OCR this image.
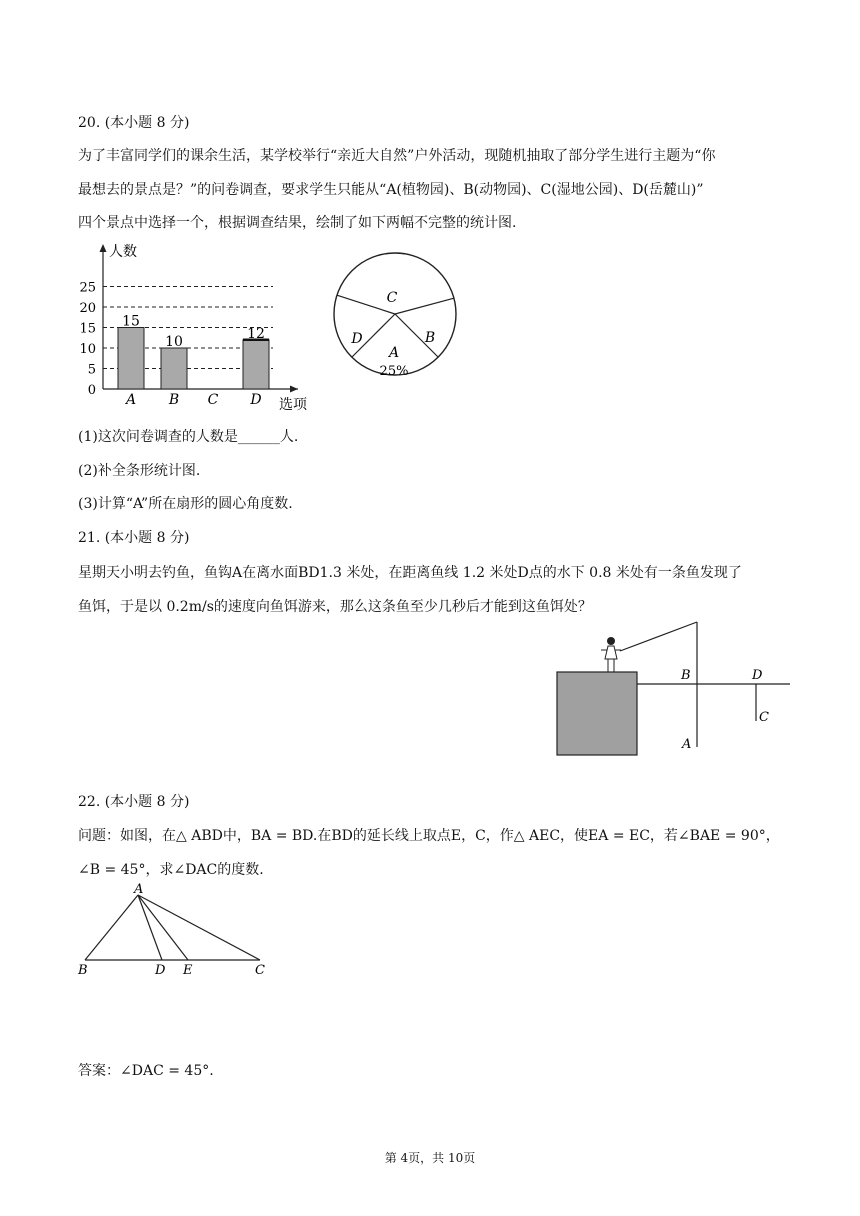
20. (本小题 8 分)
为了丰富同学们的课余生活，某学校举行“亲近大自然”户外活动，现随机抽取了部分学生进行主题为“你
最想去的景点是？”的问卷调查，要求学生只能从“A(植物园)、B(动物园)、C(湿地公园)、D(岳麓山)”
四个景点中选择一个，根据调查结果，绘制了如下两幅不完整的统计图.
0
5
10
15
20
25
人数
选项
15
A
10
B C
12
D
A
B
C
D
25%
(1)这次问卷调查的人数是______人.
(2)补全条形统计图.
(3)计算“A”所在扇形的圆心角度数.
21. (本小题 8 分)
星期天小明去钓鱼，鱼钩A在离水面BD1.3 米处，在距离鱼线 1.2 米处D点的水下 0.8 米处有一条鱼发现了
鱼饵，于是以 0.2m/s的速度向鱼饵游来，那么这条鱼至少几秒后才能到这鱼饵处？
B	D
C
A
22. (本小题 8 分)
问题：如图，在△ ABD中，BA = BD.在BD的延长线上取点E，C，作△ AEC，使EA = EC，若∠BAE = 90°，
∠B = 45°，求∠DAC的度数.
A
B	D E	C
答案：∠DAC = 45°.
第 4页，共 10页
